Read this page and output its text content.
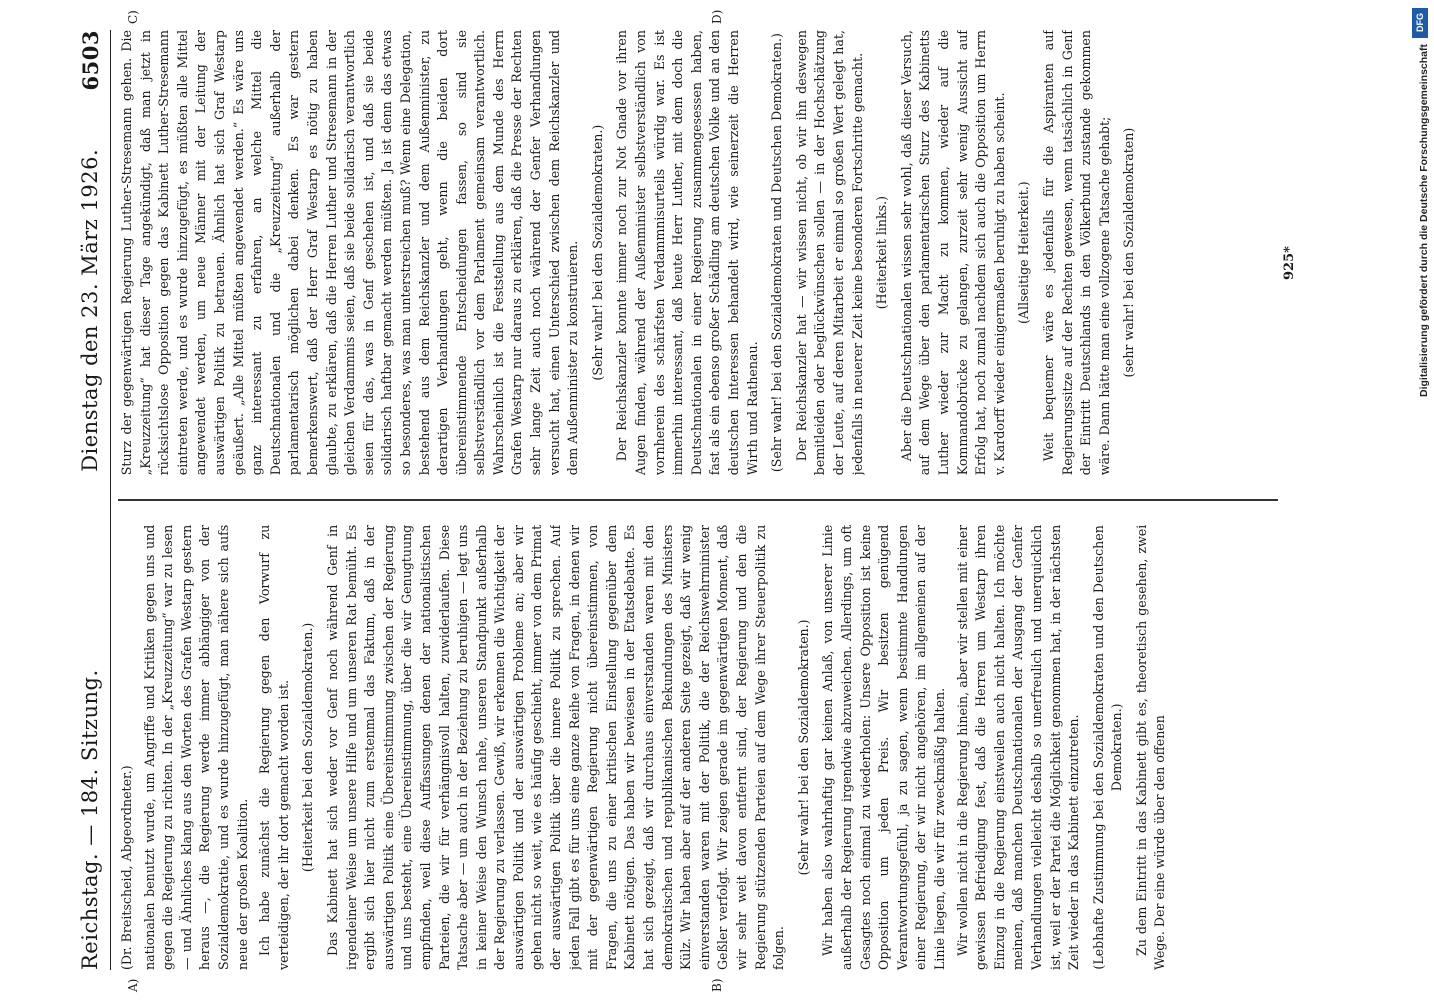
Reichstag. — 184. Sitzung.
Dienstag den 23. März 1926.
6503

(Dr. Breitscheid, Abgeordneter.) nationalen benutzt wurde, um Angriffe und Kritiken gegen uns und gegen die Regierung zu richten. In der „Kreuzzeitung“ war zu lesen — und Ähnliches klang aus den Worten des Grafen Westarp gestern heraus —, die Regierung werde immer abhängiger von der Sozialdemokratie, und es wurde hinzugefügt, man nähere sich aufs neue der großen Koalition. Ich habe zunächst die Regierung gegen den Vorwurf zu verteidigen, der ihr dort gemacht worden ist. (Heiterkeit bei den Sozialdemokraten.) Das Kabinett hat sich weder vor Genf noch während Genf in irgendeiner Weise um unsere Hilfe und um unseren Rat bemüht. Es ergibt sich hier nicht zum erstenmal das Faktum, daß in der auswärtigen Politik eine Übereinstimmung zwischen der Regierung und uns besteht, eine Übereinstimmung, über die wir Genugtuung empfinden, weil diese Auffassungen denen der nationalistischen Parteien, die wir für verhängnisvoll halten, zuwiderlaufen. Diese Tatsache aber — um auch in der Beziehung zu beruhigen — legt uns in keiner Weise den Wunsch nahe, unseren Standpunkt außerhalb der Regierung zu verlassen. Gewiß, wir erkennen die Wichtigkeit der auswärtigen Politik und der auswärtigen Probleme an; aber wir gehen nicht so weit, wie es häufig geschieht, immer von dem Primat der auswärtigen Politik über die innere Politik zu sprechen. Auf jeden Fall gibt es für uns eine ganze Reihe von Fragen, in denen wir mit der gegenwärtigen Regierung nicht übereinstimmen, von Fragen, die uns zu einer kritischen Einstellung gegenüber dem Kabinett nötigen. Das haben wir bewiesen in der Etatsdebatte. Es hat sich gezeigt, daß wir durchaus einverstanden waren mit den demokratischen und republikanischen Bekundungen des Ministers Külz. Wir haben aber auf der anderen Seite gezeigt, daß wir wenig einverstanden waren mit der Politik, die der Reichswehrminister Geßler verfolgt. Wir zeigen gerade im gegenwärtigen Moment, daß wir sehr weit davon entfernt sind, der Regierung und den die Regierung stützenden Parteien auf dem Wege ihrer Steuerpolitik zu folgen.

(Sehr wahr! bei den Sozialdemokraten.) Wir haben also wahrhaftig gar keinen Anlaß, von unserer Linie außerhalb der Regierung irgendwie abzuweichen. Allerdings, um oft Gesagtes noch einmal zu wiederholen: Unsere Opposition ist keine Opposition um jeden Preis. Wir besitzen genügend Verantwortungsgefühl, ja zu sagen, wenn bestimmte Handlungen einer Regierung, der wir nicht angehören, im allgemeinen auf der Linie liegen, die wir für zweckmäßig halten. Wir wollen nicht in die Regierung hinein, aber wir stellen mit einer gewissen Befriedigung fest, daß die Herren um Westarp ihren Einzug in die Regierung einstweilen auch nicht halten. Ich möchte meinen, daß manchen Deutschnationalen der Ausgang der Genfer Verhandlungen vielleicht deshalb so unerfreulich und unerquicklich ist, weil er der Partei die Möglichkeit genommen hat, in der nächsten Zeit wieder in das Kabinett einzutreten. (Lebhafte Zustimmung bei den Sozialdemokraten und den Deutschen Demokraten.) Zu dem Eintritt in das Kabinett gibt es, theoretisch gesehen, zwei Wege. Der eine würde über den offenen

Sturz der gegenwärtigen Regierung Luther-Stresemann gehen. Die „Kreuzzeitung“ hat dieser Tage angekündigt, daß man jetzt in rücksichtslose Opposition gegen das Kabinett Luther-Stresemann eintreten werde, und es wurde hinzugefügt, es müßten alle Mittel angewendet werden, um neue Männer mit der Leitung der auswärtigen Politik zu betrauen. Ähnlich hat sich Graf Westarp geäußert. „Alle Mittel müßten angewendet werden.“ Es wäre uns ganz interessant zu erfahren, an welche Mittel die Deutschnationalen und die „Kreuzzeitung“ außerhalb der parlamentarisch möglichen dabei denken. Es war gestern bemerkenswert, daß der Herr Graf Westarp es nötig zu haben glaubte, zu erklären, daß die Herren Luther und Stresemann in der gleichen Verdammnis seien, daß sie beide solidarisch verantwortlich seien für das, was in Genf geschehen ist, und daß sie beide solidarisch haftbar gemacht werden müßten. Ja ist denn das etwas so besonderes, was man unterstreichen muß? Wenn eine Delegation, bestehend aus dem Reichskanzler und dem Außenminister, zu derartigen Verhandlungen geht, wenn die beiden dort übereinstimmende Entscheidungen fassen, so sind sie selbstverständlich vor dem Parlament gemeinsam verantwortlich. Wahrscheinlich ist die Feststellung aus dem Munde des Herrn Grafen Westarp nur daraus zu erklären, daß die Presse der Rechten sehr lange Zeit auch noch während der Genfer Verhandlungen versucht hat, einen Unterschied zwischen dem Reichskanzler und dem Außenminister zu konstruieren. (Sehr wahr! bei den Sozialdemokraten.) Der Reichskanzler konnte immer noch zur Not Gnade vor ihren Augen finden, während der Außenminister selbstverständlich von vornherein des schärfsten Verdammnisurteils würdig war. Es ist immerhin interessant, daß heute Herr Luther, mit dem doch die Deutschnationalen in einer Regierung zusammengesessen haben, fast als ein ebenso großer Schädling am deutschen Volke und an den deutschen Interessen behandelt wird, wie seinerzeit die Herren Wirth und Rathenau. (Sehr wahr! bei den Sozialdemokraten und Deutschen Demokraten.) Der Reichskanzler hat — wir wissen nicht, ob wir ihn deswegen bemitleiden oder beglückwünschen sollen — in der Hochschätzung der Leute, auf deren Mitarbeit er einmal so großen Wert gelegt hat, jedenfalls in neuerer Zeit keine besonderen Fortschritte gemacht. (Heiterkeit links.) Aber die Deutschnationalen wissen sehr wohl, daß dieser Versuch, auf dem Wege über den parlamentarischen Sturz des Kabinetts Luther wieder zur Macht zu kommen, wieder auf die Kommandobrücke zu gelangen, zurzeit sehr wenig Aussicht auf Erfolg hat, noch zumal nachdem sich auch die Opposition um Herrn v. Kardorff wieder einigermaßen beruhigt zu haben scheint. (Allseitige Heiterkeit.) Weit bequemer wäre es jedenfalls für die Aspiranten auf Regierungssitze auf der Rechten gewesen, wenn tatsächlich in Genf der Eintritt Deutschlands in den Völkerbund zustande gekommen wäre. Dann hätte man eine vollzogene Tatsache gehabt; (sehr wahr! bei den Sozialdemokraten)

A)	B)
C)	D)
925*
DFG
Digitalisierung gefördert durch die Deutsche Forschungsgemeinschaft
